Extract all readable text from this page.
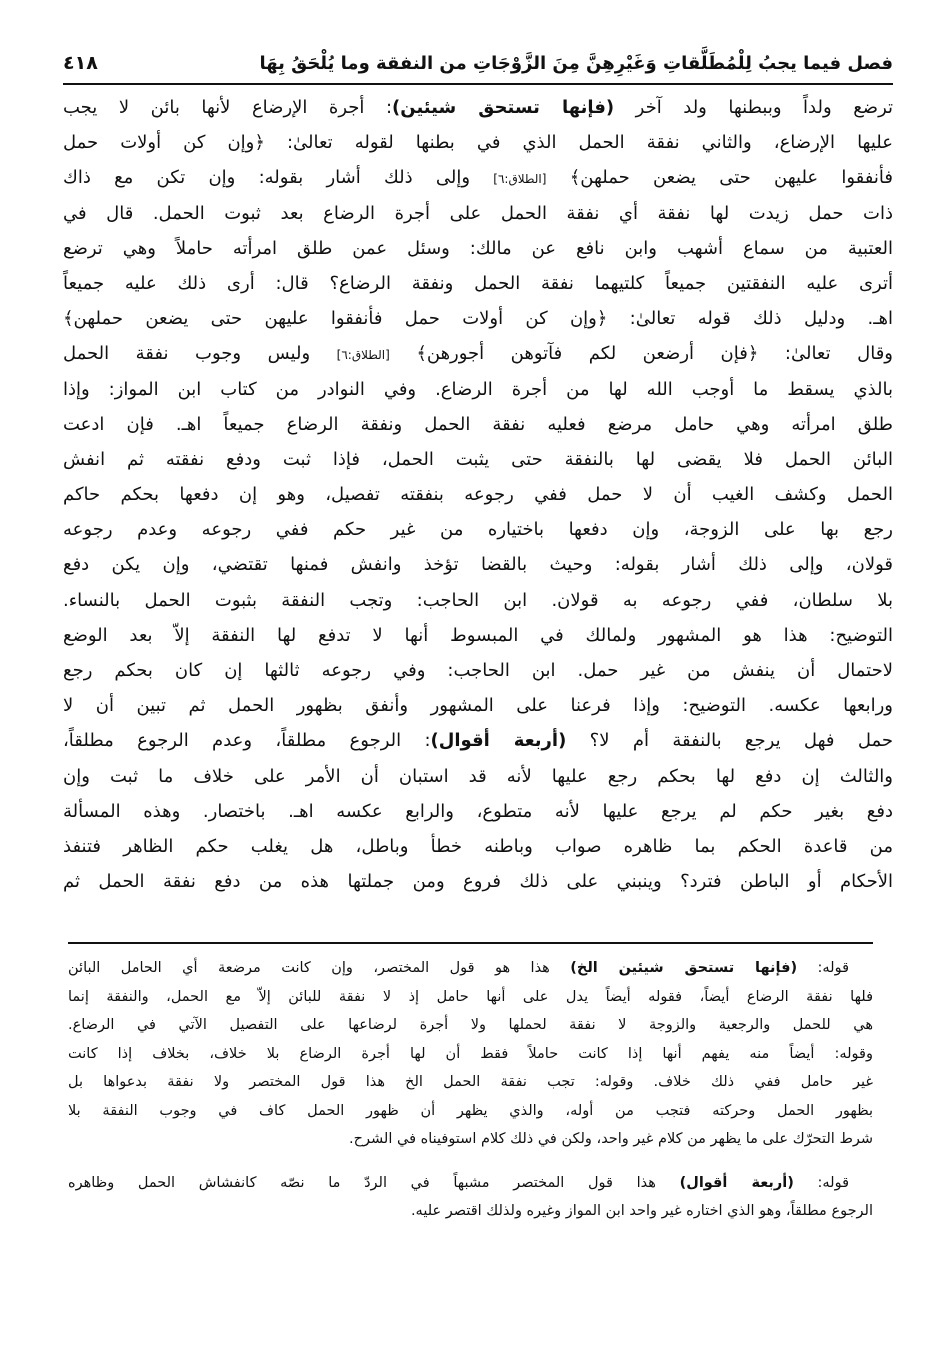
فصل فيما يجبُ لِلْمُطَلَّقاتِ وَغَيْرِهِنَّ مِنَ الزَّوْجَاتِ من النفقة وما يُلْحَقُ بِهَا
٤١٨
ترضع ولداً وببطنها ولد آخر (فإنها تستحق شيئين): أجرة الإرضاع لأنها بائن لا يجب
عليها الإرضاع، والثاني نفقة الحمل الذي في بطنها لقوله تعالىٰ: ﴿وإن كن أولات حمل
فأنفقوا عليهن حتى يضعن حملهن﴾ [الطلاق:٦] وإلى ذلك أشار بقوله: وإن تكن مع ذاك
ذات حمل زيدت لها نفقة أي نفقة الحمل على أجرة الرضاع بعد ثبوت الحمل. قال في
العتبية من سماع أشهب وابن نافع عن مالك: وسئل عمن طلق امرأته حاملاً وهي ترضع
أترى عليه النفقتين جميعاً كلتيهما نفقة الحمل ونفقة الرضاع؟ قال: أرى ذلك عليه جميعاً
اهـ. ودليل ذلك قوله تعالىٰ: ﴿وإن كن أولات حمل فأنفقوا عليهن حتى يضعن حملهن﴾
وقال تعالىٰ: ﴿فإن أرضعن لكم فآتوهن أجورهن﴾ [الطلاق:٦] وليس وجوب نفقة الحمل
بالذي يسقط ما أوجب الله لها من أجرة الرضاع. وفي النوادر من كتاب ابن المواز: وإذا
طلق امرأته وهي حامل مرضع فعليه نفقة الحمل ونفقة الرضاع جميعاً اهـ. فإن ادعت
البائن الحمل فلا يقضى لها بالنفقة حتى يثبت الحمل، فإذا ثبت ودفع نفقته ثم انفش
الحمل وكشف الغيب أن لا حمل ففي رجوعه بنفقته تفصيل، وهو إن دفعها بحكم حاكم
رجع بها على الزوجة، وإن دفعها باختياره من غير حكم ففي رجوعه وعدم رجوعه
قولان، وإلى ذلك أشار بقوله: وحيث بالقضا تؤخذ وانفش فمنها تقتضي، وإن يكن دفع
بلا سلطان، ففي رجوعه به قولان. ابن الحاجب: وتجب النفقة بثبوت الحمل بالنساء.
التوضيح: هذا هو المشهور ولمالك في المبسوط أنها لا تدفع لها النفقة إلاّ بعد الوضع
لاحتمال أن ينفش من غير حمل. ابن الحاجب: وفي رجوعه ثالثها إن كان بحكم رجع
ورابعها عكسه. التوضيح: وإذا فرعنا على المشهور وأنفق بظهور الحمل ثم تبين أن لا
حمل فهل يرجع بالنفقة أم لا؟ (أربعة أقوال): الرجوع مطلقاً، وعدم الرجوع مطلقاً،
والثالث إن دفع لها بحكم رجع عليها لأنه قد استبان أن الأمر على خلاف ما ثبت وإن
دفع بغير حكم لم يرجع عليها لأنه متطوع، والرابع عكسه اهـ. باختصار. وهذه المسألة
من قاعدة الحكم بما ظاهره صواب وباطنه خطأ وباطل، هل يغلب حكم الظاهر فتنفذ
الأحكام أو الباطن فترد؟ وينبني على ذلك فروع ومن جملتها هذه من دفع نفقة الحمل ثم
قوله: (فإنها تستحق شيئين الخ) هذا هو قول المختصر، وإن كانت مرضعة أي الحامل البائن
فلها نفقة الرضاع أيضاً، فقوله أيضاً يدل على أنها حامل إذ لا نفقة للبائن إلاّ مع الحمل، والنفقة إنما
هي للحمل والرجعية والزوجة لا نفقة لحملها ولا أجرة لرضاعها على التفصيل الآتي في الرضاع.
وقوله: أيضاً منه يفهم أنها إذا كانت حاملاً فقط أن لها أجرة الرضاع بلا خلاف، بخلاف إذا كانت
غير حامل ففي ذلك خلاف. وقوله: تجب نفقة الحمل الخ هذا قول المختصر ولا نفقة بدعواها بل
بظهور الحمل وحركته فتجب من أوله، والذي يظهر أن ظهور الحمل كاف في وجوب النفقة بلا
شرط التحرّك على ما يظهر من كلام غير واحد، ولكن في ذلك كلام استوفيناه في الشرح.
قوله: (أربعة أقوال) هذا قول المختصر مشبهاً في الردّ ما نصّه كانفشاش الحمل وظاهره
الرجوع مطلقاً، وهو الذي اختاره غير واحد ابن المواز وغيره ولذلك اقتصر عليه.
